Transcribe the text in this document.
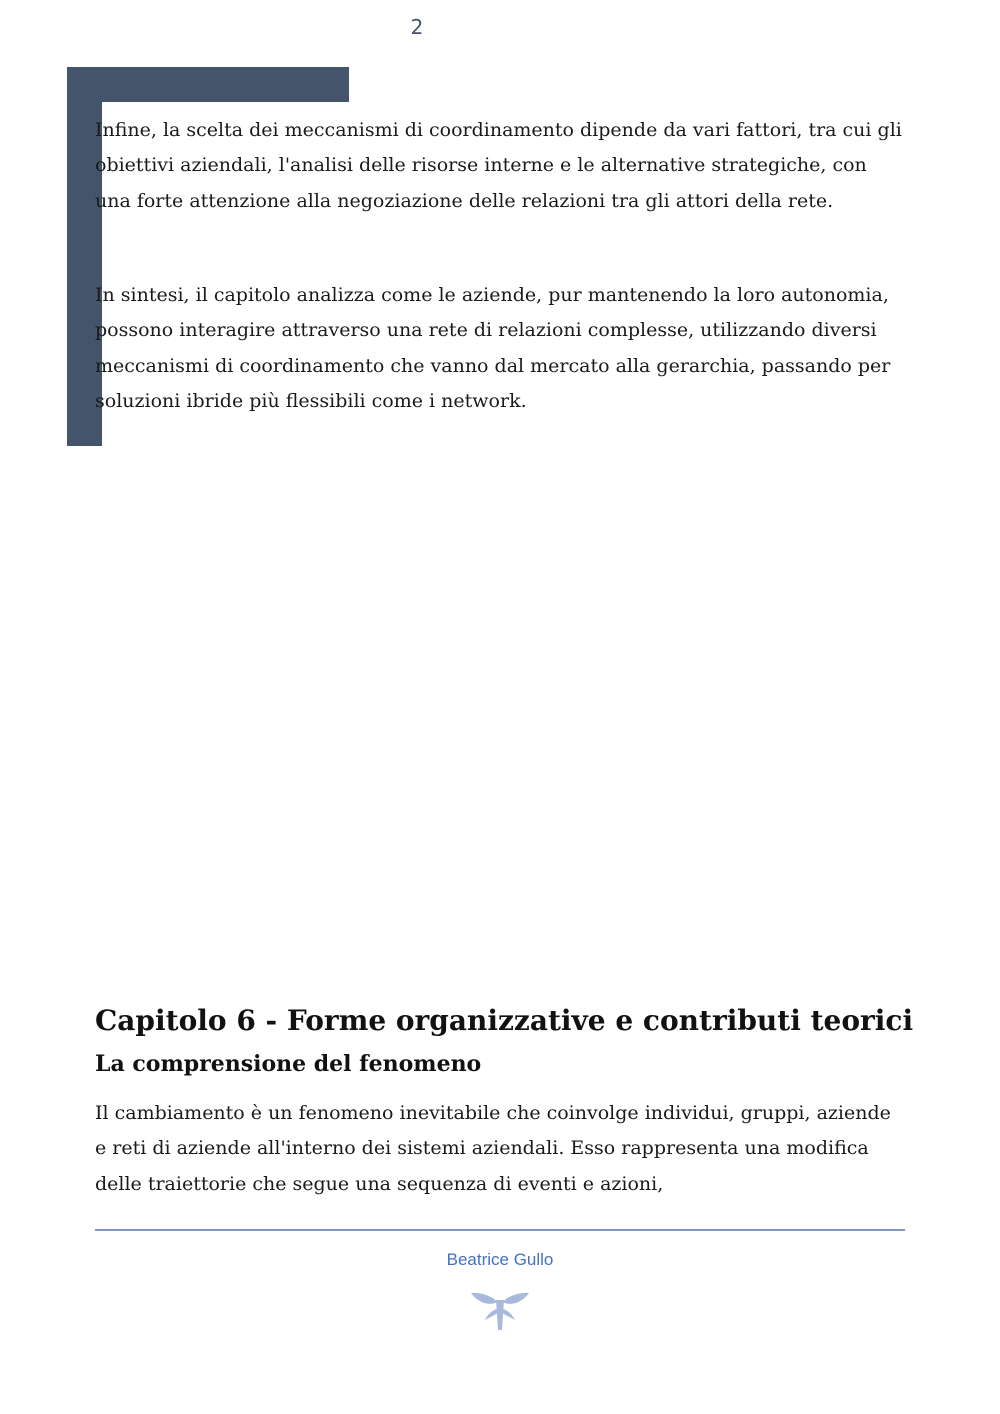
2

Infine, la scelta dei meccanismi di coordinamento dipende da vari fattori, tra cui gli obiettivi aziendali, l'analisi delle risorse interne e le alternative strategiche, con una forte attenzione alla negoziazione delle relazioni tra gli attori della rete.

In sintesi, il capitolo analizza come le aziende, pur mantenendo la loro autonomia, possono interagire attraverso una rete di relazioni complesse, utilizzando diversi meccanismi di coordinamento che vanno dal mercato alla gerarchia, passando per soluzioni ibride più flessibili come i network.

Capitolo 6 - Forme organizzative e contributi teorici
La comprensione del fenomeno

Il cambiamento è un fenomeno inevitabile che coinvolge individui, gruppi, aziende e reti di aziende all'interno dei sistemi aziendali. Esso rappresenta una modifica delle traiettorie che segue una sequenza di eventi e azioni,

Beatrice Gullo
